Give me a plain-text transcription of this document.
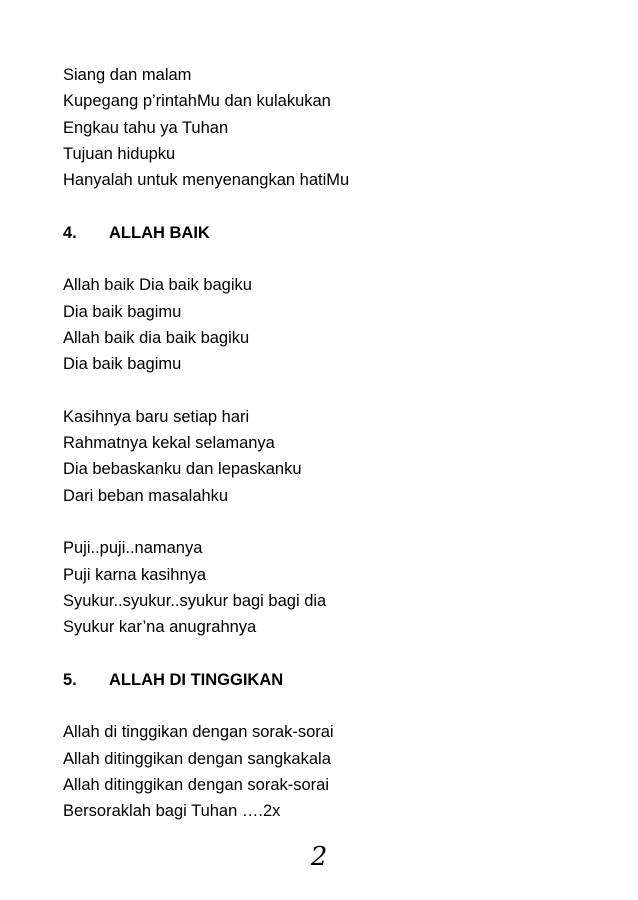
Siang dan malam
Kupegang p’rintahMu dan kulakukan
Engkau tahu ya Tuhan
Tujuan hidupku
Hanyalah untuk menyenangkan hatiMu
4.	ALLAH BAIK
Allah baik Dia baik bagiku
Dia baik bagimu
Allah baik dia baik bagiku
Dia baik bagimu
Kasihnya baru setiap hari
Rahmatnya kekal selamanya
Dia bebaskanku dan lepaskanku
Dari beban masalahku
Puji..puji..namanya
Puji karna kasihnya
Syukur..syukur..syukur bagi bagi dia
Syukur kar’na anugrahnya
5.	ALLAH DI TINGGIKAN
Allah di tinggikan dengan sorak-sorai
Allah ditinggikan dengan sangkakala
Allah ditinggikan dengan sorak-sorai
Bersoraklah bagi Tuhan ….2x
2
